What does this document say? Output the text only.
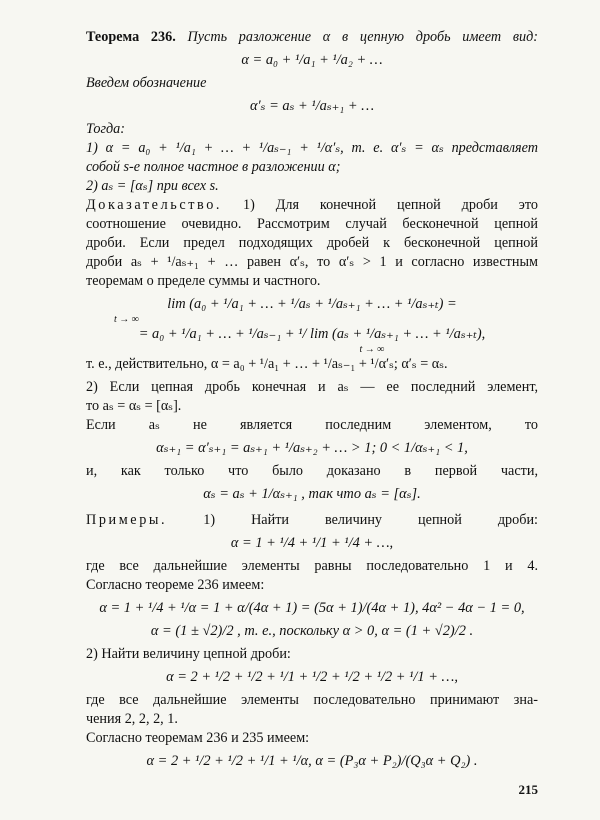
Теорема 236. Пусть разложение α в цепную дробь имеет вид:
α = a₀ + ¹/a₁ + ¹/a₂ + …
Введем обозначение
α′ₛ = aₛ + ¹/aₛ₊₁ + …
Тогда:
1) α = a₀ + ¹/a₁ + … + ¹/aₛ₋₁ + ¹/α′ₛ, т. е. α′ₛ = αₛ представляет
собой s-е полное частное в разложении α;
2) aₛ = [αₛ] при всех s.
Доказательство. 1) Для конечной цепной дроби это
соотношение очевидно. Рассмотрим случай бесконечной цепной
дроби. Если предел подходящих дробей к бесконечной цепной
дроби aₛ + ¹/aₛ₊₁ + … равен α′ₛ, то α′ₛ > 1 и согласно известным
теоремам о пределе суммы и частного.
lim (a₀ + ¹/a₁ + … + ¹/aₛ + ¹/aₛ₊₁ + … + ¹/aₛ₊ₜ) =
t → ∞
= a₀ + ¹/a₁ + … + ¹/aₛ₋₁ + ¹/ lim (aₛ + ¹/aₛ₊₁ + … + ¹/aₛ₊ₜ),
t → ∞
т. е., действительно, α = a₀ + ¹/a₁ + … + ¹/aₛ₋₁ + ¹/α′ₛ; α′ₛ = αₛ.
2) Если цепная дробь конечная и aₛ — ее последний элемент,
то aₛ = αₛ = [αₛ].
Если aₛ не является последним элементом, то
αₛ₊₁ = α′ₛ₊₁ = aₛ₊₁ + ¹/aₛ₊₂ + … > 1; 0 < 1/αₛ₊₁ < 1,
и, как только что было доказано в первой части,
αₛ = aₛ + 1/αₛ₊₁ , так что aₛ = [αₛ].
Примеры.	1) Найти величину цепной дроби:
α = 1 + ¹/4 + ¹/1 + ¹/4 + …,
где все дальнейшие элементы равны последовательно 1 и 4.
Согласно теореме 236 имеем:
α = 1 + ¹/4 + ¹/α = 1 + α/(4α + 1) = (5α + 1)/(4α + 1), 4α² − 4α − 1 = 0,
α = (1 ± √2)/2 , т. е., поскольку α > 0, α = (1 + √2)/2 .
2) Найти величину цепной дроби:
α = 2 + ¹/2 + ¹/2 + ¹/1 + ¹/2 + ¹/2 + ¹/2 + ¹/1 + …,
где все дальнейшие элементы последовательно принимают зна-
чения 2, 2, 2, 1.
Согласно теоремам 236 и 235 имеем:
α = 2 + ¹/2 + ¹/2 + ¹/1 + ¹/α, α = (P₃α + P₂)/(Q₃α + Q₂) .
215
